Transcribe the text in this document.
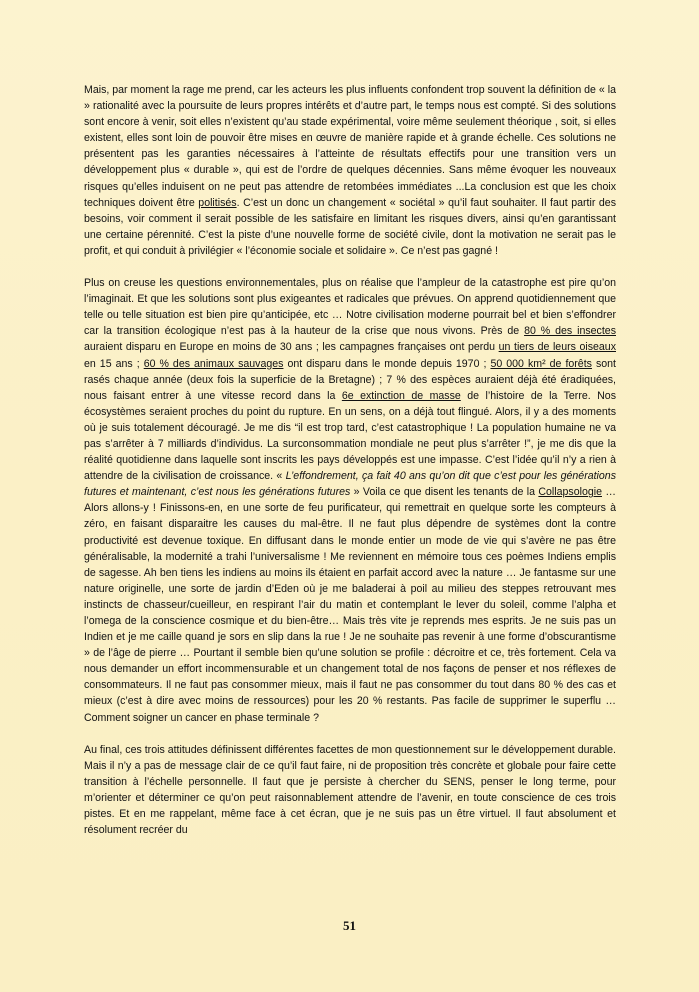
Mais, par moment la rage me prend, car les acteurs les plus influents confondent trop souvent la définition de « la » rationalité avec la poursuite de leurs propres intérêts et d’autre part, le temps nous est compté. Si des solutions sont encore à venir, soit elles n’existent qu’au stade expérimental, voire même seulement théorique , soit, si elles existent, elles sont loin de pouvoir être mises en œuvre de manière rapide et à grande échelle. Ces solutions ne présentent pas les garanties nécessaires à l’atteinte de résultats effectifs pour une transition vers un développement plus « durable », qui est de l’ordre de quelques décennies. Sans même évoquer les nouveaux risques qu’elles induisent on ne peut pas attendre de retombées immédiates ...La conclusion est que les choix techniques doivent être politisés. C’est un donc un changement « sociétal » qu’il faut souhaiter. Il faut partir des besoins, voir comment il serait possible de les satisfaire en limitant les risques divers, ainsi qu’en garantissant une certaine pérennité. C’est la piste d’une nouvelle forme de société civile, dont la motivation ne serait pas le profit, et qui conduit à privilégier « l’économie sociale et solidaire ». Ce n’est pas gagné !

Plus on creuse les questions environnementales, plus on réalise que l’ampleur de la catastrophe est pire qu’on l’imaginait. Et que les solutions sont plus exigeantes et radicales que prévues. On apprend quotidiennement que telle ou telle situation est bien pire qu’anticipée, etc … Notre civilisation moderne pourrait bel et bien s’effondrer car la transition écologique n’est pas à la hauteur de la crise que nous vivons. Près de 80 % des insectes auraient disparu en Europe en moins de 30 ans ; les campagnes françaises ont perdu un tiers de leurs oiseaux en 15 ans ; 60 % des animaux sauvages ont disparu dans le monde depuis 1970 ; 50 000 km² de forêts sont rasés chaque année (deux fois la superficie de la Bretagne) ; 7 % des espèces auraient déjà été éradiquées, nous faisant entrer à une vitesse record dans la 6e extinction de masse de l’histoire de la Terre. Nos écosystèmes seraient proches du point du rupture. En un sens, on a déjà tout flingué. Alors, il y a des moments où je suis totalement découragé. Je me dis “il est trop tard, c’est catastrophique ! La population humaine ne va pas s’arrêter à 7 milliards d’individus. La surconsommation mondiale ne peut plus s’arrêter !”, je me dis que la réalité quotidienne dans laquelle sont inscrits les pays développés est une impasse. C’est l’idée qu’il n’y a rien à attendre de la civilisation de croissance. « L’effondrement, ça fait 40 ans qu’on dit que c’est pour les générations futures et maintenant, c’est nous les générations futures » Voila ce que disent les tenants de la Collapsologie … Alors allons-y ! Finissons-en, en une sorte de feu purificateur, qui remettrait en quelque sorte les compteurs à zéro, en faisant disparaitre les causes du mal-être. Il ne faut plus dépendre de systèmes dont la contre productivité est devenue toxique. En diffusant dans le monde entier un mode de vie qui s’avère ne pas être généralisable, la modernité a trahi l’universalisme ! Me reviennent en mémoire tous ces poèmes Indiens emplis de sagesse. Ah ben tiens les indiens au moins ils étaient en parfait accord avec la nature … Je fantasme sur une nature originelle, une sorte de jardin d’Eden où je me baladerai à poil au milieu des steppes retrouvant mes instincts de chasseur/cueilleur, en respirant l’air du matin et contemplant le lever du soleil, comme l’alpha et l’omega de la conscience cosmique et du bien-être… Mais très vite je reprends mes esprits. Je ne suis pas un Indien et je me caille quand je sors en slip dans la rue ! Je ne souhaite pas revenir à une forme d’obscurantisme » de l’âge de pierre … Pourtant il semble bien qu’une solution se profile : décroitre et ce, très fortement. Cela va nous demander un effort incommensurable et un changement total de nos façons de penser et nos réflexes de consommateurs. Il ne faut pas consommer mieux, mais il faut ne pas consommer du tout dans 80 % des cas et mieux (c’est à dire avec moins de ressources) pour les 20 % restants. Pas facile de supprimer le superflu … Comment soigner un cancer en phase terminale ?

Au final, ces trois attitudes définissent différentes facettes de mon questionnement sur le développement durable. Mais il n’y a pas de message clair de ce qu’il faut faire, ni de proposition très concrète et globale pour faire cette transition à l’échelle personnelle. Il faut que je persiste à chercher du SENS, penser le long terme, pour m’orienter et déterminer ce qu’on peut raisonnablement attendre de l’avenir, en toute conscience de ces trois pistes. Et en me rappelant, même face à cet écran, que je ne suis pas un être virtuel. Il faut absolument et résolument recréer du

51
